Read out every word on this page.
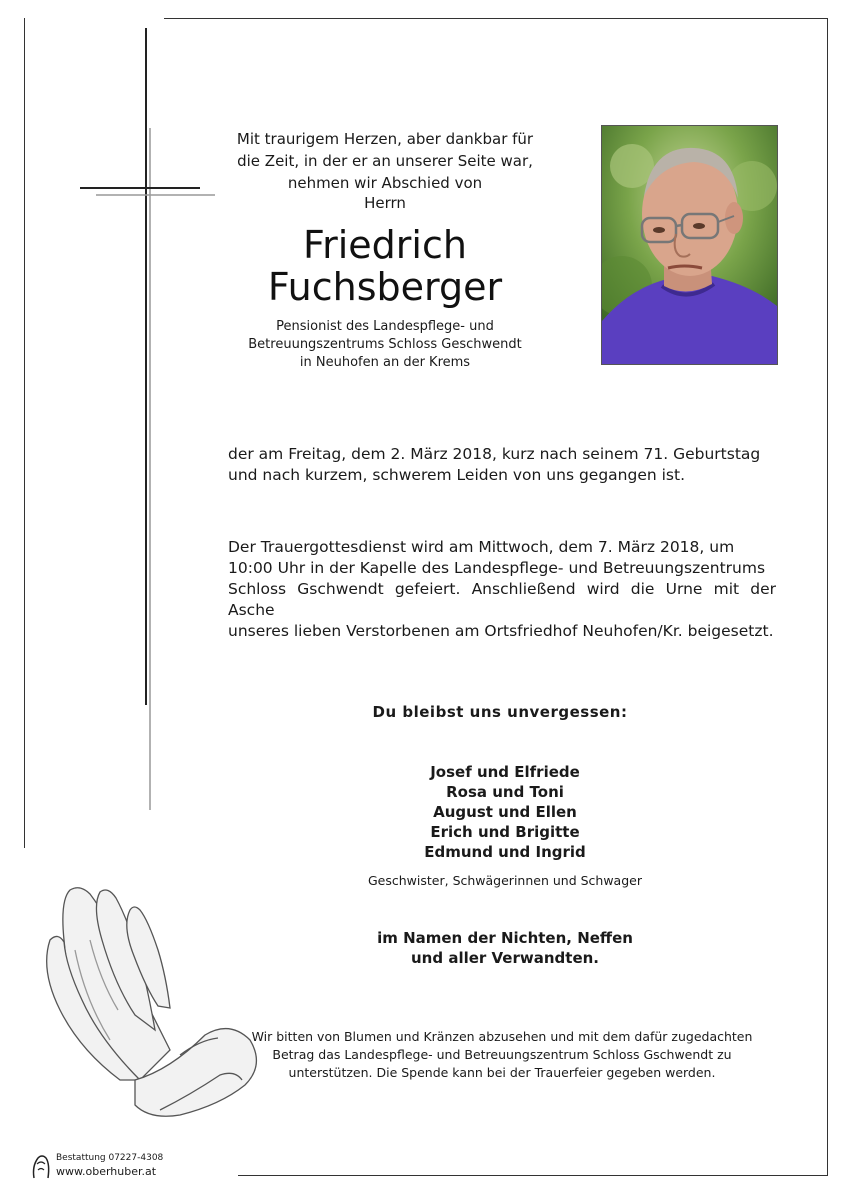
Mit traurigem Herzen, aber dankbar für
die Zeit, in der er an unserer Seite war,
nehmen wir Abschied von
Herrn
Friedrich
Fuchsberger
Pensionist des Landespflege- und
Betreuungszentrums Schloss Geschwendt
in Neuhofen an der Krems
der am Freitag, dem 2. März 2018, kurz nach seinem 71. Geburtstag
und nach kurzem, schwerem Leiden von uns gegangen ist.
Der Trauergottesdienst wird am Mittwoch, dem 7. März 2018, um
10:00 Uhr in der Kapelle des Landespflege- und Betreuungszentrums
Schloss Gschwendt gefeiert. Anschließend wird die Urne mit der Asche
unseres lieben Verstorbenen am Ortsfriedhof Neuhofen/Kr. beigesetzt.
Du bleibst uns unvergessen:
Josef und Elfriede
Rosa und Toni
August und Ellen
Erich und Brigitte
Edmund und Ingrid
Geschwister, Schwägerinnen und Schwager
im Namen der Nichten, Neffen
und aller Verwandten.
Wir bitten von Blumen und Kränzen abzusehen und mit dem dafür zugedachten
Betrag das Landespflege- und Betreuungszentrum Schloss Gschwendt zu
unterstützen. Die Spende kann bei der Trauerfeier gegeben werden.
Bestattung 07227-4308
www.oberhuber.at
